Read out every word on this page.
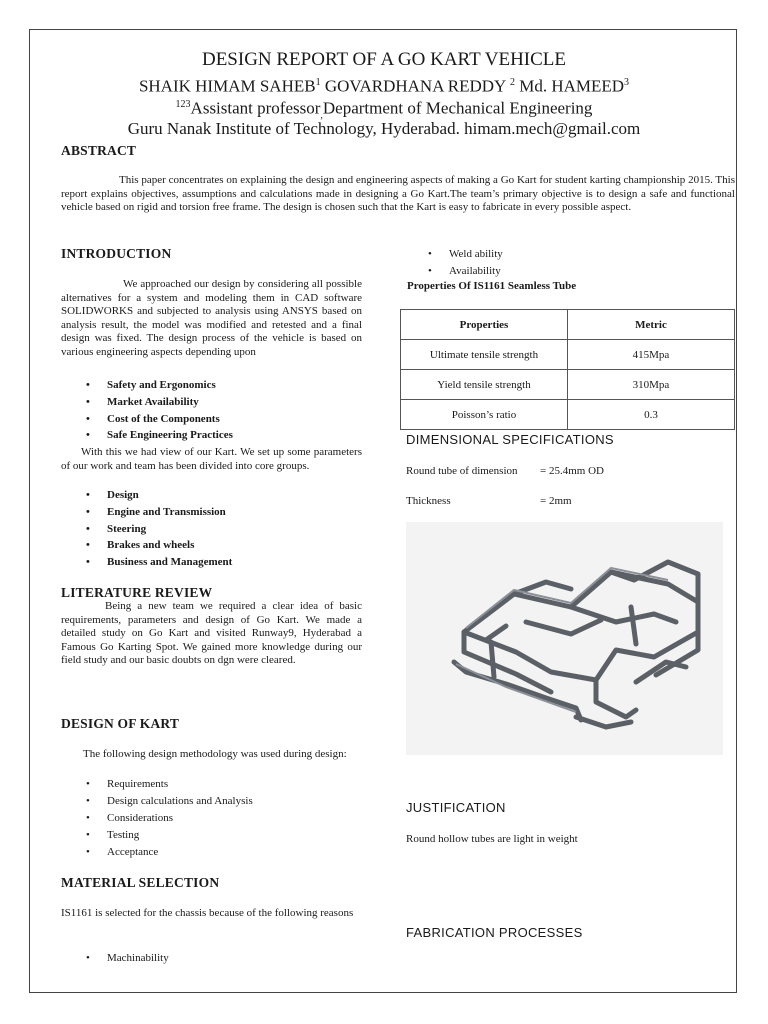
DESIGN REPORT OF A GO KART VEHICLE

SHAIK HIMAM SAHEB$^1$ GOVARDHANA REDDY $^2$ Md. HAMEED$^3$

$^{123}$Assistant professor$_,$Department of Mechanical Engineering

Guru Nanak Institute of Technology, Hyderabad. himam.mech@gmail.com

ABSTRACT

This paper concentrates on explaining the design and engineering aspects of making a Go Kart for student karting championship 2015. This report explains objectives, assumptions and calculations made in designing a Go Kart.The team’s primary objective is to design a safe and functional vehicle based on rigid and torsion free frame. The design is chosen such that the Kart is easy to fabricate in every possible aspect.

INTRODUCTION

We approached our design by considering all possible alternatives for a system and modeling them in CAD software SOLIDWORKS and subjected to analysis using ANSYS based on analysis result, the model was modified and retested and a final design was fixed. The design process of the vehicle is based on various engineering aspects depending upon

• Safety and Ergonomics
• Market Availability
• Cost of the Components
• Safe Engineering Practices

With this we had view of our Kart. We set up some parameters of our work and team has been divided into core groups.

• Design
• Engine and Transmission
• Steering
• Brakes and wheels
• Business and Management

LITERATURE REVIEW

Being a new team we required a clear idea of basic requirements, parameters and design of Go Kart. We made a detailed study on Go Kart and visited Runway9, Hyderabad a Famous Go Karting Spot. We gained more knowledge during our field study and our basic doubts on dgn were cleared.

DESIGN OF KART

The following design methodology was used during design:

• Requirements
• Design calculations and Analysis
• Considerations
• Testing
• Acceptance

MATERIAL SELECTION

IS1161 is selected for the chassis because of the following reasons

• Machinability
• Weld ability
• Availability

Properties Of IS1161 Seamless Tube

Properties	Metric
Ultimate tensile strength	415Mpa
Yield tensile strength	310Mpa
Poisson’s ratio	0.3

DIMENSIONAL SPECIFICATIONS

Round tube of dimension = 25.4mm OD

Thickness	= 2mm

JUSTIFICATION

Round hollow tubes are light in weight

FABRICATION PROCESSES
